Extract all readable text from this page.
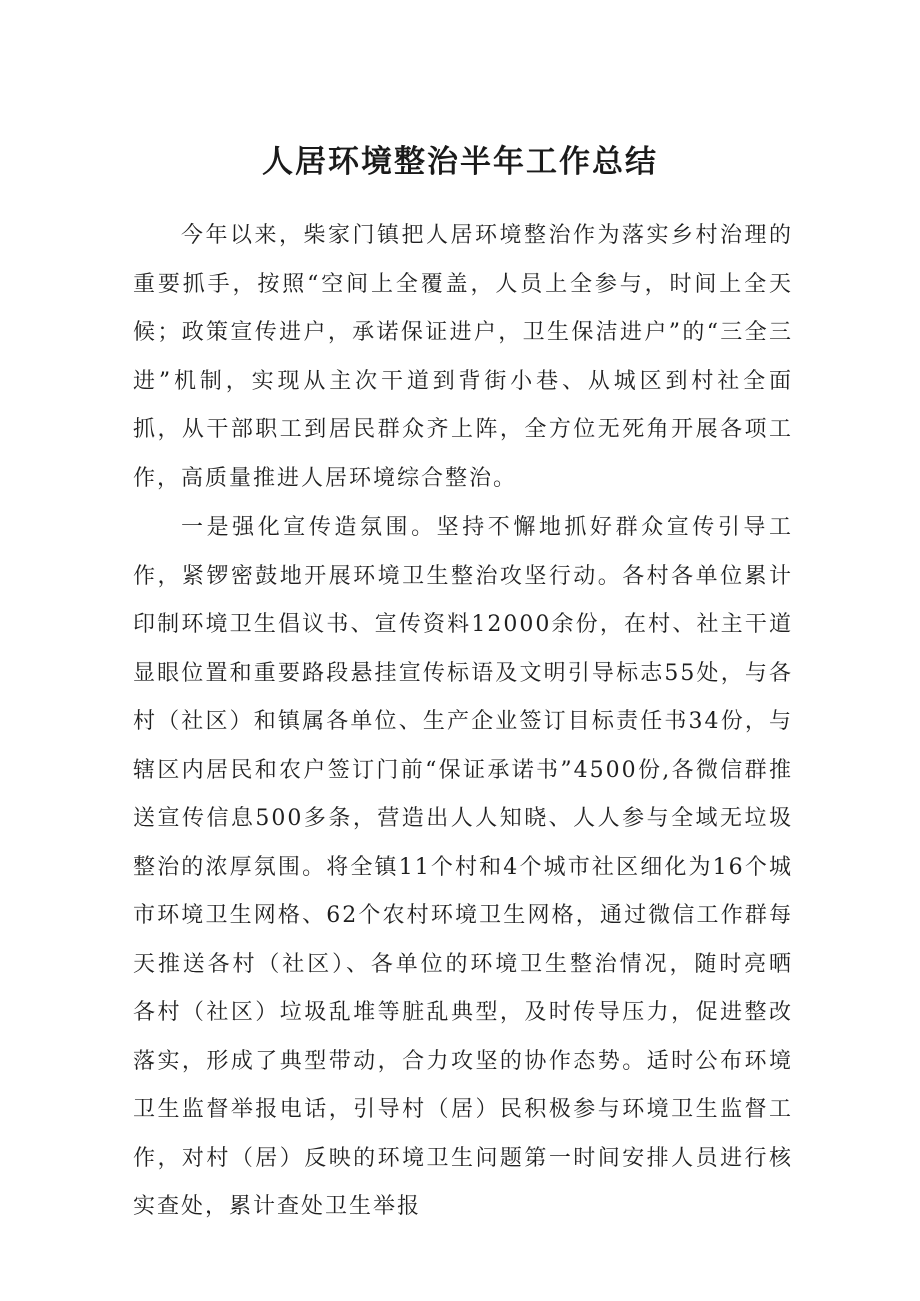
人居环境整治半年工作总结

今年以来，柴家门镇把人居环境整治作为落实乡村治理的重要抓手，按照“空间上全覆盖，人员上全参与，时间上全天候；政策宣传进户，承诺保证进户，卫生保洁进户”的“三全三进”机制，实现从主次干道到背街小巷、从城区到村社全面抓，从干部职工到居民群众齐上阵，全方位无死角开展各项工作，高质量推进人居环境综合整治。

一是强化宣传造氛围。坚持不懈地抓好群众宣传引导工作，紧锣密鼓地开展环境卫生整治攻坚行动。各村各单位累计印制环境卫生倡议书、宣传资料12000余份，在村、社主干道显眼位置和重要路段悬挂宣传标语及文明引导标志55处，与各村（社区）和镇属各单位、生产企业签订目标责任书34份，与辖区内居民和农户签订门前“保证承诺书”4500份,各微信群推送宣传信息500多条，营造出人人知晓、人人参与全域无垃圾整治的浓厚氛围。将全镇11个村和4个城市社区细化为16个城市环境卫生网格、62个农村环境卫生网格，通过微信工作群每天推送各村（社区）、各单位的环境卫生整治情况，随时亮晒各村（社区）垃圾乱堆等脏乱典型，及时传导压力，促进整改落实，形成了典型带动，合力攻坚的协作态势。适时公布环境卫生监督举报电话，引导村（居）民积极参与环境卫生监督工作，对村（居）反映的环境卫生问题第一时间安排人员进行核实查处，累计查处卫生举报
